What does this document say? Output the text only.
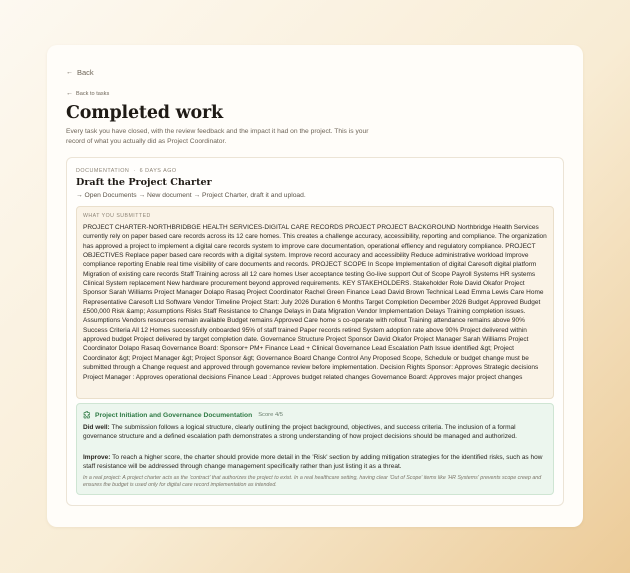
← Back
← Back to tasks
Completed work

Every task you have closed, with the review feedback and the impact it had on the project. This is your record of what you actually did as Project Coordinator.

DOCUMENTATION · 6 DAYS AGO
Draft the Project Charter
→ Open Documents → New document → Project Charter, draft it and upload.
WHAT YOU SUBMITTED
PROJECT CHARTER-NORTHBRIDBGE HEALTH SERVICES-DIGITAL CARE RECORDS PROJECT PROJECT BACKGROUND Northbridge Health Services currently rely on paper based care records across its 12 care homes. This creates a challenge accuracy, accessibility, reporting and compliance. The organization has approved a project to implement a digital care records system to improve care documentation, operational effiency and regulatory compliance. PROJECT OBJECTIVES Replace paper based care records with a digital system. Improve record accuracy and accessibility Reduce administrative workload Improve compliance reporting Enable real time visibility of care documents and records. PROJECT SCOPE In Scope Implementation of digital Caresoft digital platform Migration of existing care records Staff Training across all 12 care homes User acceptance testing Go-live support Out of Scope Payroll Systems HR systems Clinical System replacement New hardware procurement beyond approved requirements. KEY STAKEHOLDERS. Stakeholder Role David Okafor Project Sponsor Sarah Williams Project Manager Dolapo Rasaq Project Coordinator Rachel Green Finance Lead David Brown Technical Lead Emma Lewis Care Home Representative Caresoft Ltd Software Vendor Timeline Project Start: July 2026 Duration 6 Months Target Completion December 2026 Budget Approved Budget £500,000 Risk &amp; Assumptions Risks Staff Resistance to Change Delays in Data Migration Vendor Implementation Delays Training completion issues. Assumptions Vendors resources remain available Budget remains Approved Care home s co-operate with rollout Training attendance remains above 90% Success Criteria All 12 Homes successfully onboarded 95% of staff trained Paper records retired System adoption rate above 90% Project delivered within approved budget Project delivered by target completion date. Governance Structure Project Sponsor David Okafor Project Manager Sarah Williams Project Coordinator Dolapo Rasaq Governance Board: Sponsor+ PM+ Finance Lead + Clinical Governance Lead Escalation Path Issue identified &gt; Project Coordinator &gt; Project Manager &gt; Project Sponsor &gt; Governance Board Change Control Any Proposed Scope, Schedule or budget change must be submitted through a Change request and approved through governance review before implementation. Decision Rights Sponsor: Approves Strategic decisions Project Manager : Approves operational decisions Finance Lead : Approves budget related changes Governance Board: Approves major project changes
Project Initiation and Governance Documentation Score 4/5
Did well: The submission follows a logical structure, clearly outlining the project background, objectives, and success criteria. The inclusion of a formal governance structure and a defined escalation path demonstrates a strong understanding of how project decisions should be managed and authorized.
Improve: To reach a higher score, the charter should provide more detail in the 'Risk' section by adding mitigation strategies for the identified risks, such as how staff resistance will be addressed through change management specifically rather than just listing it as a threat.
In a real project: A project charter acts as the 'contract' that authorizes the project to exist. In a real healthcare setting, having clear 'Out of Scope' items like 'HR Systems' prevents scope creep and ensures the budget is used only for digital care record implementation as intended.
